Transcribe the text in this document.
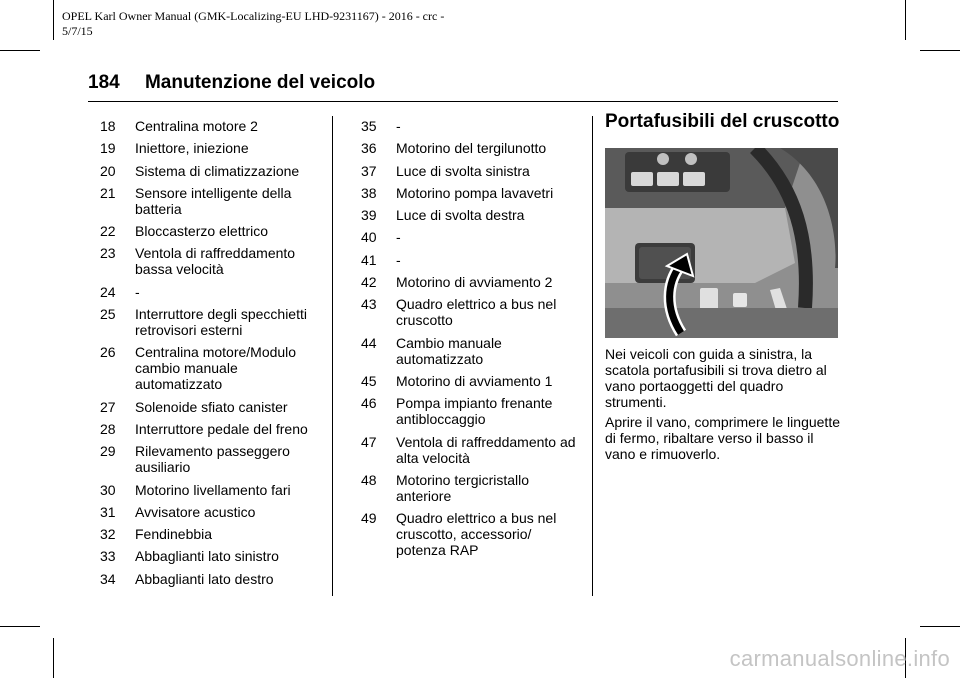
OPEL Karl Owner Manual (GMK-Localizing-EU LHD-9231167) - 2016 - crc -
5/7/15
184 Manutenzione del veicolo
18	Centralina motore 2
19	Iniettore, iniezione
20	Sistema di climatizzazione
21	Sensore intelligente della batteria
22	Bloccasterzo elettrico
23	Ventola di raffreddamento bassa velocità
24	-
25	Interruttore degli specchietti retrovisori esterni
26	Centralina motore/Modulo cambio manuale automatizzato
27	Solenoide sfiato canister
28	Interruttore pedale del freno
29	Rilevamento passeggero ausiliario
30	Motorino livellamento fari
31	Avvisatore acustico
32	Fendinebbia
33	Abbaglianti lato sinistro
34	Abbaglianti lato destro
35	-
36	Motorino del tergilunotto
37	Luce di svolta sinistra
38	Motorino pompa lavavetri
39	Luce di svolta destra
40	-
41	-
42	Motorino di avviamento 2
43	Quadro elettrico a bus nel cruscotto
44	Cambio manuale automatizzato
45	Motorino di avviamento 1
46	Pompa impianto frenante antibloccaggio
47	Ventola di raffreddamento ad alta velocità
48	Motorino tergicristallo anteriore
49	Quadro elettrico a bus nel cruscotto, accessorio/ potenza RAP
Portafusibili del cruscotto
Nei veicoli con guida a sinistra, la scatola portafusibili si trova dietro al vano portaoggetti del quadro strumenti.
Aprire il vano, comprimere le linguette di fermo, ribaltare verso il basso il vano e rimuoverlo.
carmanualsonline.info
